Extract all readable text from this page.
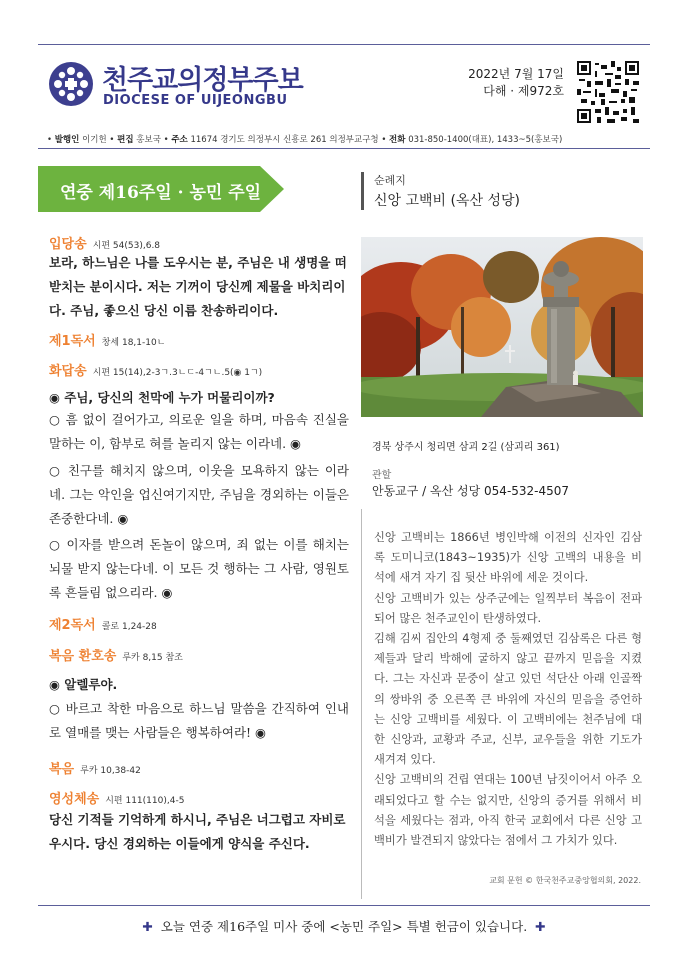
천주교의정부주보
DIOCESE OF UIJEONGBU
2022년 7월 17일
다해 · 제972호
• 발행인 이기헌 • 편집 홍보국 • 주소 11674 경기도 의정부시 신흥로 261 의정부교구청 • 전화 031-850-1400(대표), 1433~5(홍보국)
연중 제16주일 · 농민 주일
입당송 시편 54(53),6.8
보라, 하느님은 나를 도우시는 분, 주님은 내 생명을 떠받치는 분이시다. 저는 기꺼이 당신께 제물을 바치리이다. 주님, 좋으신 당신 이름 찬송하리이다.
제1독서 창세 18,1-10ㄴ
화답송 시편 15(14),2-3ㄱ.3ㄴㄷ-4ㄱㄴ.5(◉ 1ㄱ)
◉ 주님, 당신의 천막에 누가 머물리이까?
○ 흠 없이 걸어가고, 의로운 일을 하며, 마음속 진실을 말하는 이, 함부로 혀를 놀리지 않는 이라네. ◉
○ 친구를 해치지 않으며, 이웃을 모욕하지 않는 이라네. 그는 악인을 업신여기지만, 주님을 경외하는 이들은 존중한다네. ◉
○ 이자를 받으려 돈놀이 않으며, 죄 없는 이를 해치는 뇌물 받지 않는다네. 이 모든 것 행하는 그 사람, 영원토록 흔들림 없으리라. ◉
제2독서 콜로 1,24-28
복음 환호송 루카 8,15 참조
◉ 알렐루야.
○ 바르고 착한 마음으로 하느님 말씀을 간직하여 인내로 열매를 맺는 사람들은 행복하여라! ◉
복음 루카 10,38-42
영성체송 시편 111(110),4-5
당신 기적들 기억하게 하시니, 주님은 너그럽고 자비로우시다. 당신 경외하는 이들에게 양식을 주신다.
순례지
신앙 고백비 (옥산 성당)
경북 상주시 청리면 삼괴 2길 (삼괴리 361)
관할
안동교구 / 옥산 성당 054-532-4507
신앙 고백비는 1866년 병인박해 이전의 신자인 김삼록 도미니코(1843~1935)가 신앙 고백의 내용을 비석에 새겨 자기 집 뒷산 바위에 세운 것이다.
신앙 고백비가 있는 상주군에는 일찍부터 복음이 전파되어 많은 천주교인이 탄생하였다.
김해 김씨 집안의 4형제 중 둘째였던 김삼록은 다른 형제들과 달리 박해에 굴하지 않고 끝까지 믿음을 지켰다. 그는 자신과 문중이 살고 있던 석단산 아래 인골짝의 쌍바위 중 오른쪽 큰 바위에 자신의 믿음을 증언하는 신앙 고백비를 세웠다. 이 고백비에는 천주님에 대한 신앙과, 교황과 주교, 신부, 교우들을 위한 기도가 새겨져 있다.
신앙 고백비의 건립 연대는 100년 남짓이어서 아주 오래되었다고 할 수는 없지만, 신앙의 증거를 위해서 비석을 세웠다는 점과, 아직 한국 교회에서 다른 신앙 고백비가 발견되지 않았다는 점에서 그 가치가 있다.
교회 문헌 © 한국천주교중앙협의회, 2022.
✚ 오늘 연중 제16주일 미사 중에 <농민 주일> 특별 헌금이 있습니다. ✚
